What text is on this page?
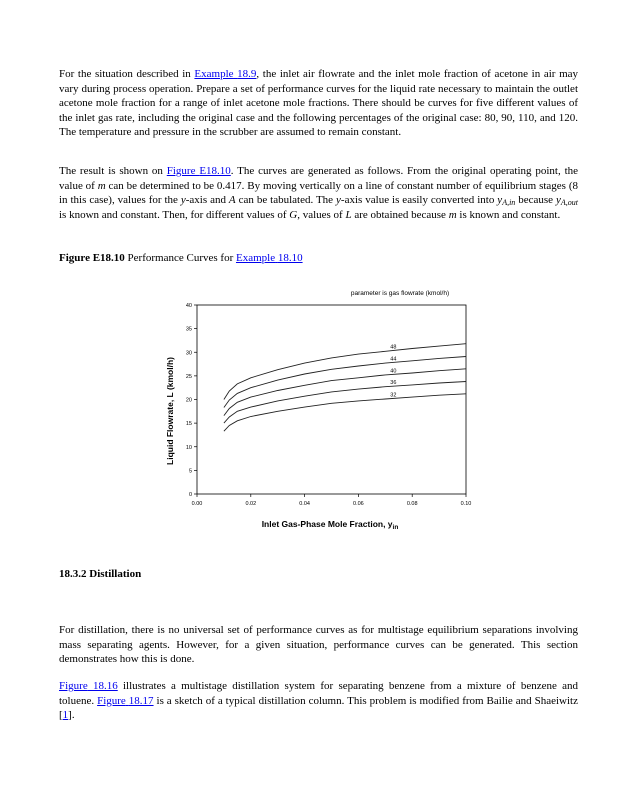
For the situation described in Example 18.9, the inlet air flowrate and the inlet mole fraction of acetone in air may vary during process operation. Prepare a set of performance curves for the liquid rate necessary to maintain the outlet acetone mole fraction for a range of inlet acetone mole fractions. There should be curves for five different values of the inlet gas rate, including the original case and the following percentages of the original case: 80, 90, 110, and 120. The temperature and pressure in the scrubber are assumed to remain constant.

The result is shown on Figure E18.10. The curves are generated as follows. From the original operating point, the value of m can be determined to be 0.417. By moving vertically on a line of constant number of equilibrium stages (8 in this case), values for the y-axis and A can be tabulated. The y-axis value is easily converted into $y_{A,in}$ because $y_{A,out}$ is known and constant. Then, for different values of G, values of L are obtained because m is known and constant.

Figure E18.10 Performance Curves for Example 18.10

parameter is gas flowrate (kmol/h)
Liquid Flowrate, L (kmol/h)
Inlet Gas-Phase Mole Fraction, $y_{in}$
0
5
10
15
20
25
30
35
40
0.00	0.02	0.04	0.06	0.08	0.10
48
44
40
36
32

18.3.2 Distillation

For distillation, there is no universal set of performance curves as for multistage equilibrium separations involving mass separating agents. However, for a given situation, performance curves can be generated. This section demonstrates how this is done.

Figure 18.16 illustrates a multistage distillation system for separating benzene from a mixture of benzene and toluene. Figure 18.17 is a sketch of a typical distillation column. This problem is modified from Bailie and Shaeiwitz [1].
